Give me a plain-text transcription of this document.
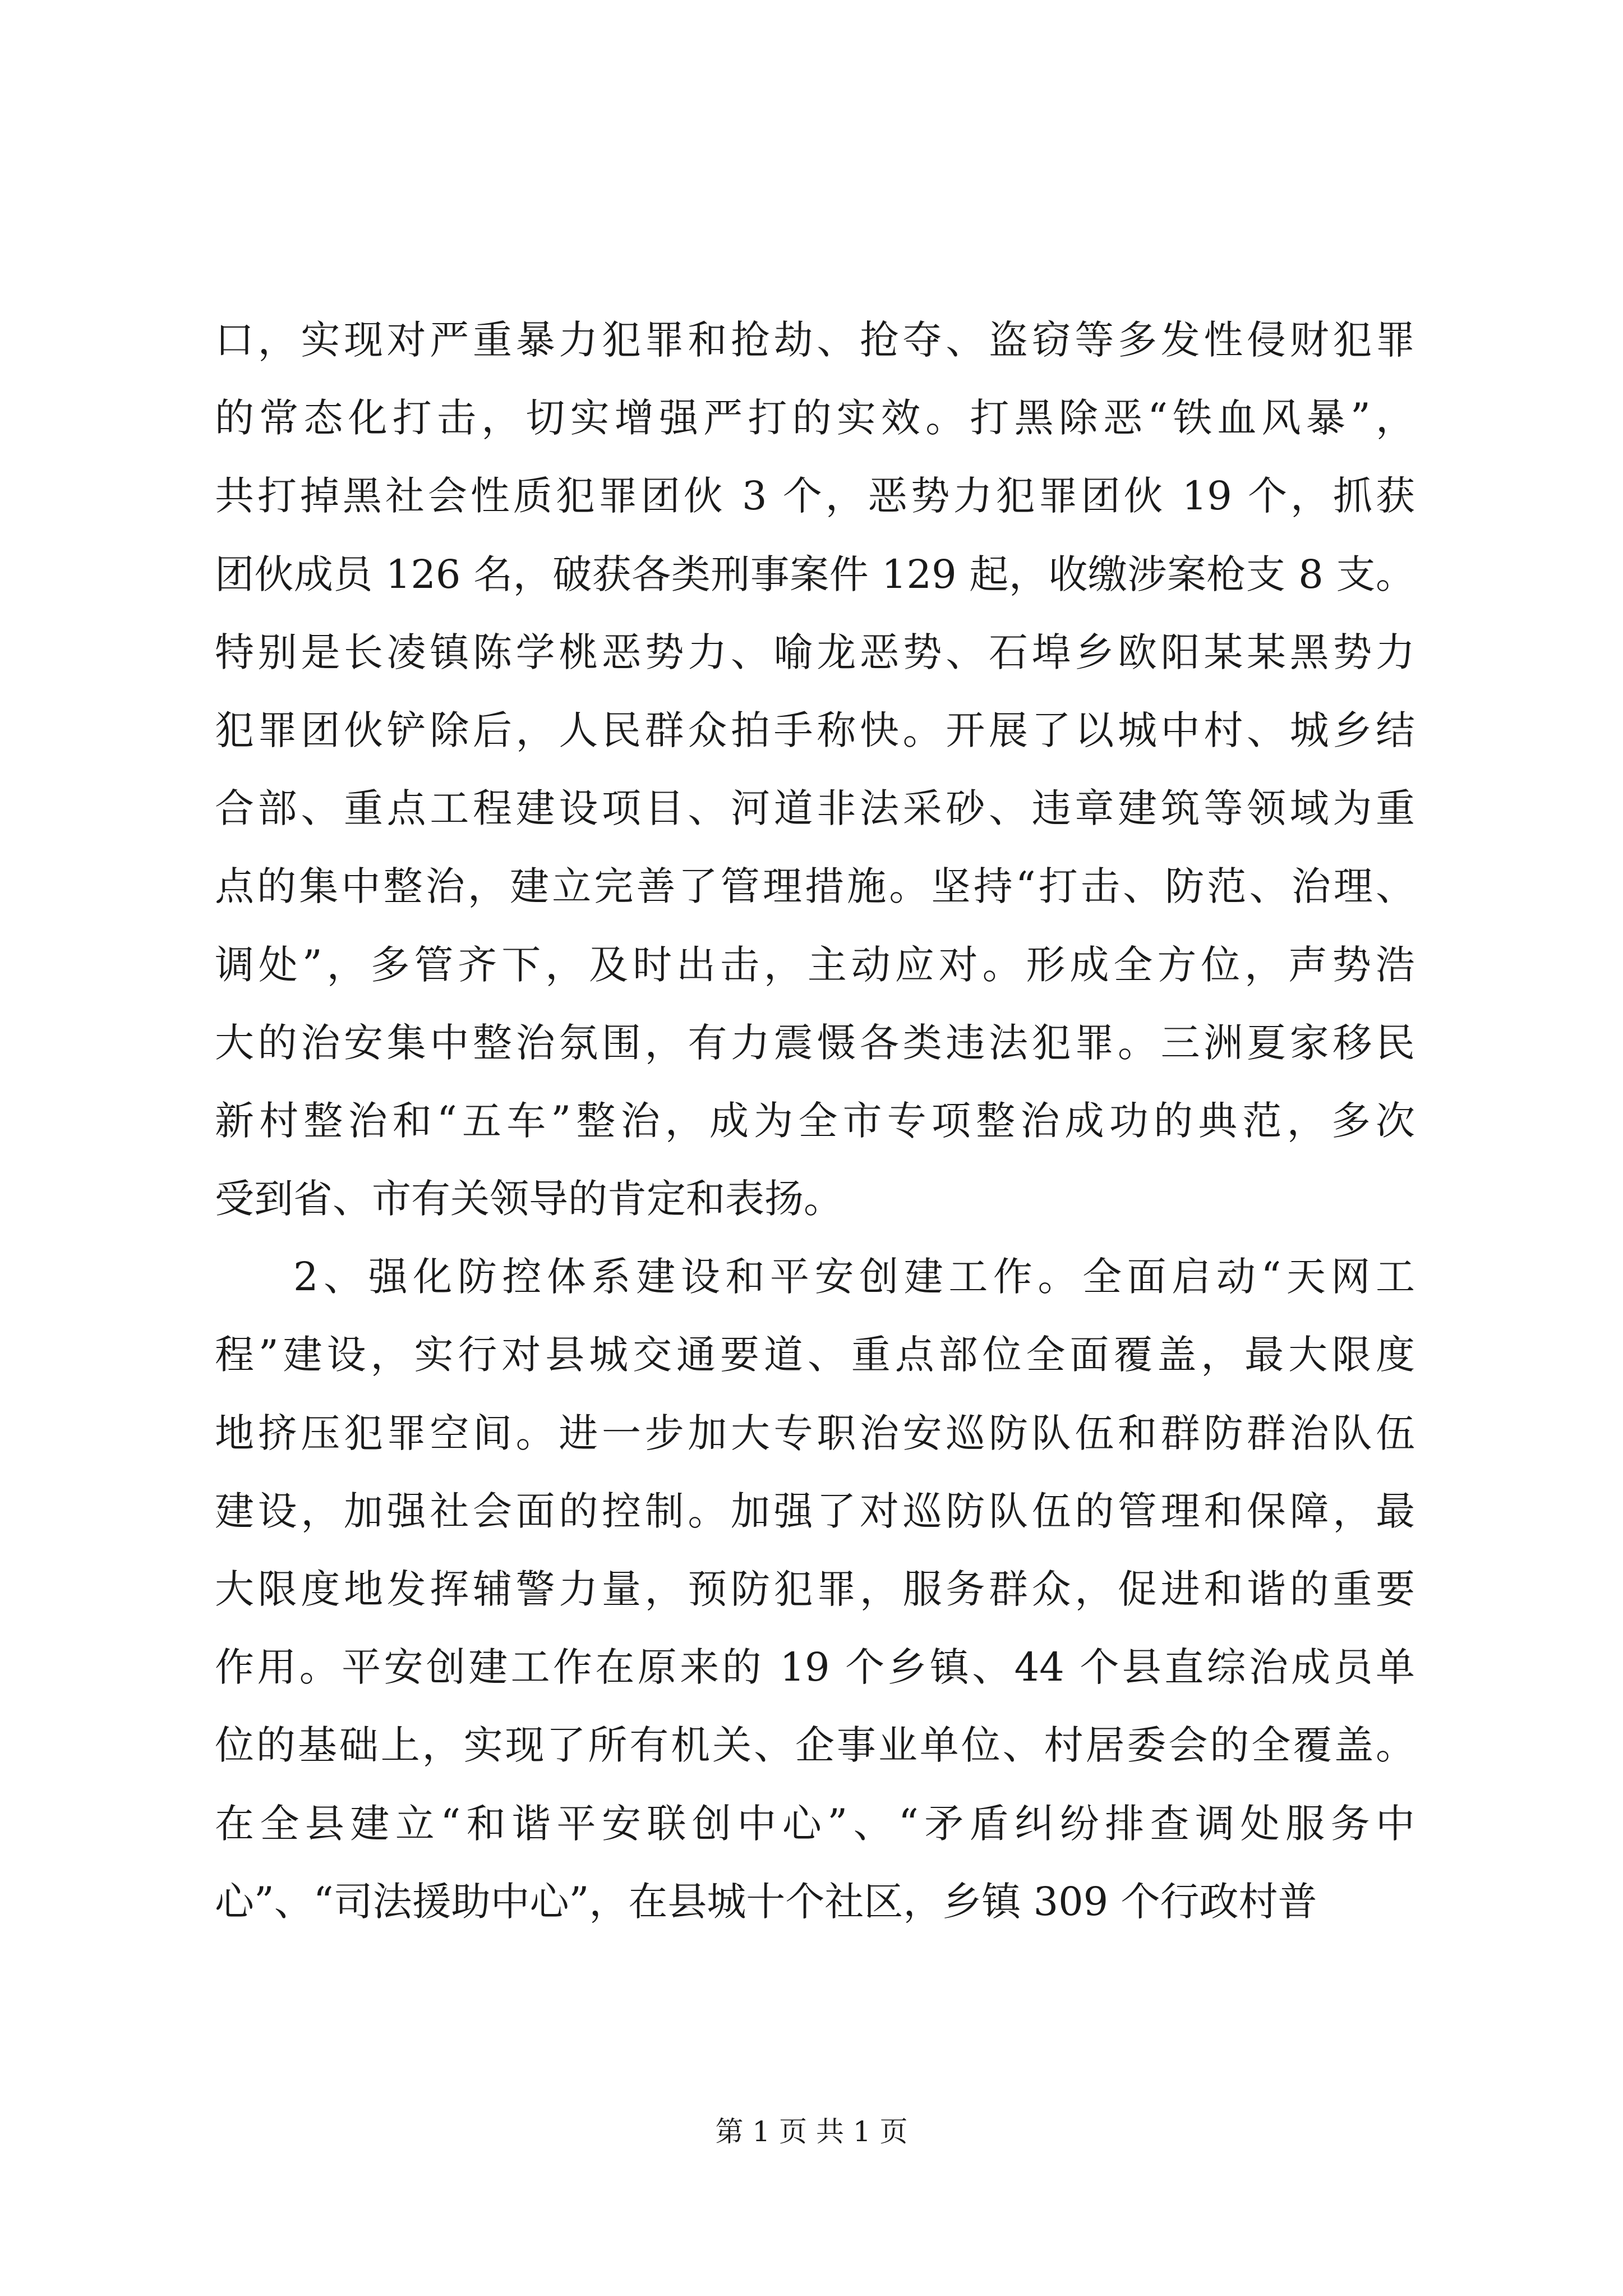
口，实现对严重暴力犯罪和抢劫、抢夺、盗窃等多发性侵财犯罪
的常态化打击，切实增强严打的实效。打黑除恶“铁血风暴”，
共打掉黑社会性质犯罪团伙 3 个，恶势力犯罪团伙 19 个，抓获
团伙成员 126 名，破获各类刑事案件 129 起，收缴涉案枪支 8 支。
特别是长凌镇陈学桃恶势力、喻龙恶势、石埠乡欧阳某某黑势力
犯罪团伙铲除后，人民群众拍手称快。开展了以城中村、城乡结
合部、重点工程建设项目、河道非法采砂、违章建筑等领域为重
点的集中整治，建立完善了管理措施。坚持“打击、防范、治理、
调处”，多管齐下，及时出击，主动应对。形成全方位，声势浩
大的治安集中整治氛围，有力震慑各类违法犯罪。三洲夏家移民
新村整治和“五车”整治，成为全市专项整治成功的典范，多次
受到省、市有关领导的肯定和表扬。
2、强化防控体系建设和平安创建工作。全面启动“天网工
程”建设，实行对县城交通要道、重点部位全面覆盖，最大限度
地挤压犯罪空间。进一步加大专职治安巡防队伍和群防群治队伍
建设，加强社会面的控制。加强了对巡防队伍的管理和保障，最
大限度地发挥辅警力量，预防犯罪，服务群众，促进和谐的重要
作用。平安创建工作在原来的 19 个乡镇、44 个县直综治成员单
位的基础上，实现了所有机关、企事业单位、村居委会的全覆盖。
在全县建立“和谐平安联创中心”、“矛盾纠纷排查调处服务中
心”、“司法援助中心”，在县城十个社区，乡镇 309 个行政村普
第 1 页 共 1 页
